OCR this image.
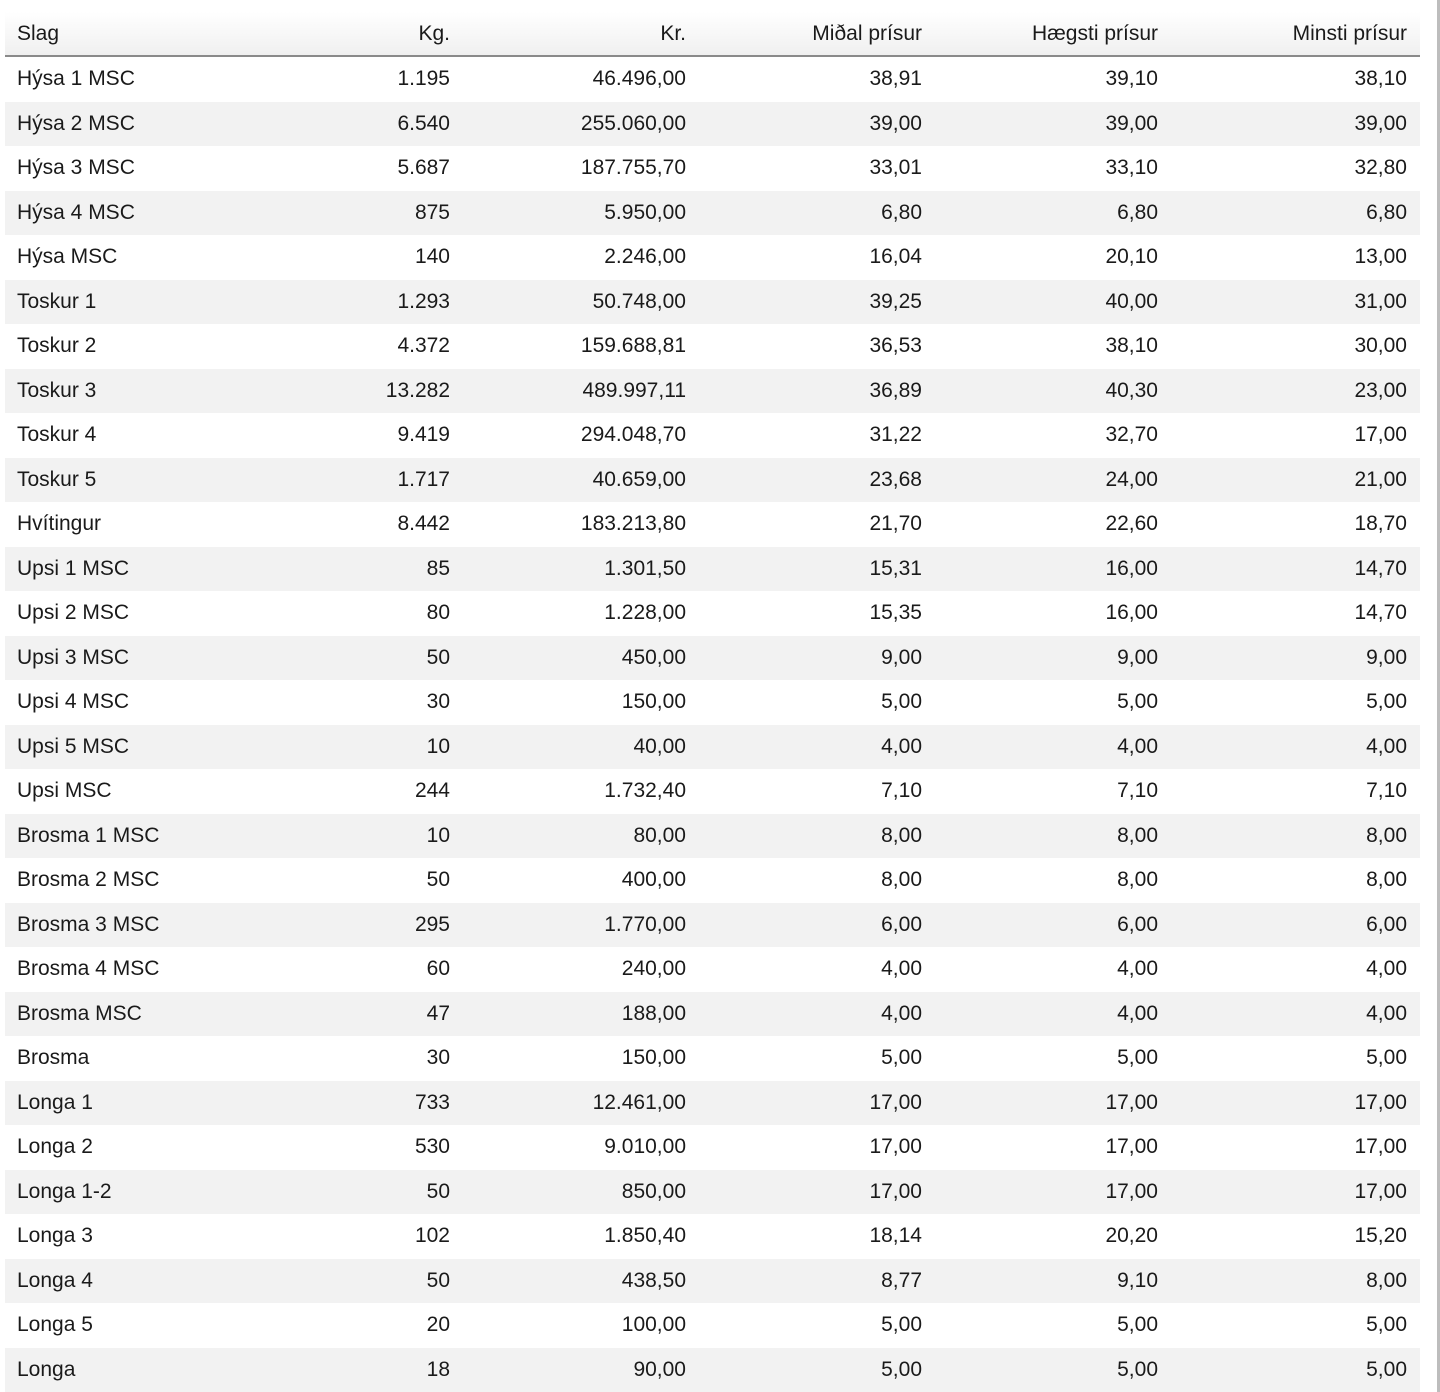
Slag	Kg.	Kr.	Miðal prísur	Hægsti prísur	Minsti prísur
Hýsa 1 MSC	1.195	46.496,00	38,91	39,10	38,10
Hýsa 2 MSC	6.540	255.060,00	39,00	39,00	39,00
Hýsa 3 MSC	5.687	187.755,70	33,01	33,10	32,80
Hýsa 4 MSC	875	5.950,00	6,80	6,80	6,80
Hýsa MSC	140	2.246,00	16,04	20,10	13,00
Toskur 1	1.293	50.748,00	39,25	40,00	31,00
Toskur 2	4.372	159.688,81	36,53	38,10	30,00
Toskur 3	13.282	489.997,11	36,89	40,30	23,00
Toskur 4	9.419	294.048,70	31,22	32,70	17,00
Toskur 5	1.717	40.659,00	23,68	24,00	21,00
Hvítingur	8.442	183.213,80	21,70	22,60	18,70
Upsi 1 MSC	85	1.301,50	15,31	16,00	14,70
Upsi 2 MSC	80	1.228,00	15,35	16,00	14,70
Upsi 3 MSC	50	450,00	9,00	9,00	9,00
Upsi 4 MSC	30	150,00	5,00	5,00	5,00
Upsi 5 MSC	10	40,00	4,00	4,00	4,00
Upsi MSC	244	1.732,40	7,10	7,10	7,10
Brosma 1 MSC	10	80,00	8,00	8,00	8,00
Brosma 2 MSC	50	400,00	8,00	8,00	8,00
Brosma 3 MSC	295	1.770,00	6,00	6,00	6,00
Brosma 4 MSC	60	240,00	4,00	4,00	4,00
Brosma MSC	47	188,00	4,00	4,00	4,00
Brosma	30	150,00	5,00	5,00	5,00
Longa 1	733	12.461,00	17,00	17,00	17,00
Longa 2	530	9.010,00	17,00	17,00	17,00
Longa 1-2	50	850,00	17,00	17,00	17,00
Longa 3	102	1.850,40	18,14	20,20	15,20
Longa 4	50	438,50	8,77	9,10	8,00
Longa 5	20	100,00	5,00	5,00	5,00
Longa	18	90,00	5,00	5,00	5,00
